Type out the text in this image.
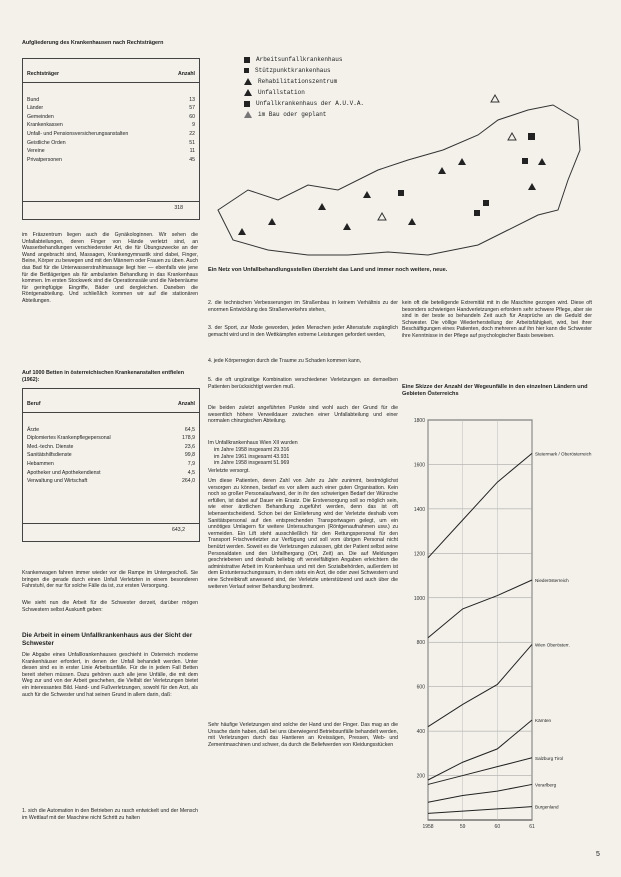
Aufgliederung des Krankenhausen nach Rechtsträgern
Rechtsträger	Anzahl
Bund	13
Länder	57
Gemeinden	60
Krankenkassen	9
Unfall- und Pensionsversicherungsanstalten	22
Geistliche Orden	51
Vereine	11
Privatpersonen	45
318
Arbeitsunfallkrankenhaus
Stützpunktkrankenhaus
Rehabilitationszentrum
Unfallstation
Unfallkrankenhaus der A.U.V.A.
im Bau oder geplant
Ein Netz von Unfallbehandlungsstellen überzieht das Land und immer noch weitere, neue.
im Fräszentrum liegen auch die Gynäkologinnen. Wir sehen die Unfallabteilungen, deren Finger von Hände verletzt sind, an Wasserbehandlungen verschiedenster Art, die für Übungszwecke an der Wand angebracht sind, Massagen, Krankengymnastik sind dabei, Finger, Beine, Körper zu bewegen und mit den Männern oder Frauen zu üben. Auch das Bad für die Unterwasserstrahlmassage liegt hier — ebenfalls wie jene für die Bettlägerigen als für ambulanten Behandlung in das Krankenhaus kommen. Im ersten Stockwerk sind die Operationssäle und die Nebenräume für geringfügige Eingriffe, Bäder und dergleichen. Daneben die Röntgenabteilung. Und schließlich kommen wir auf die stationären Abteilungen.
Auf 1000 Betten in österreichischen Krankenanstalten entfielen (1962):
Beruf	Anzahl
Ärzte	64,5
Diplomiertes Krankenpflegepersonal	178,9
Med.-techn. Dienste	23,6
Sanitätshilfsdienste	99,8
Hebammen	7,9
Apotheker und Apothekendienst	4,5
Verwaltung und Wirtschaft	264,0
643,2
Krankenwagen fahren immer wieder vor die Rampe im Untergeschoß. Sie bringen die gerade durch einen Unfall Verletzten in einem besonderen Fahrstuhl, der nur für solche Fälle da ist, zur ersten Versorgung.
Wie sieht nun die Arbeit für die Schwester derzeit, darüber mögen Schwestern selbst Auskunft geben:
Die Arbeit in einem Unfallkrankenhaus aus der Sicht der Schwester
Die Abgabe eines Unfallkrankenhauses geschieht in Österreich moderne Krankenhäuser erfordert, in denen der Unfall behandelt werden. Unter diesen sind es in erster Linie Arbeitsunfälle. Für die in jedem Fall Betten bereit stehen müssen. Dazu gehören auch alle jene Unfälle, die mit dem Weg zur und von der Arbeit geschehen, die Vielfalt der Verletzungen bietet ein interessantes Bild. Hand- und Fußverletzungen, sowohl für den Arzt, als auch für die Schwester und hat seinen Grund in allem darin, daß:
1. sich die Automation in den Betrieben zu rasch entwickelt und der Mensch im Wettlauf mit der Maschine nicht Schritt zu halten
2. die technischen Verbesserungen im Straßenbau in keinem Verhältnis zu der enormen Entwicklung des Straßenverkehrs stehen,
3. der Sport, zur Mode geworden, jeden Menschen jeder Altersstufe zugänglich gemacht wird und in den Wettkämpfen extreme Leistungen gefordert werden,
4. jede Körperregion durch die Traume zu Schaden kommen kann,
5. die oft ungünstige Kombination verschiedener Verletzungen an demselben Patienten berücksichtigt werden muß.
Die beiden zuletzt angeführten Punkte sind wohl auch der Grund für die wesentlich höhere Verweildauer zwischen einer Unfallabteilung und einer normalen chirurgischen Abteilung.
Im Unfallkrankenhaus Wien XII wurden
im Jahre 1958 insgesamt 29.316
im Jahre 1961 insgesamt 43.931
im Jahre 1958 insgesamt 51.969
Verletzte versorgt.
Um diese Patienten, deren Zahl von Jahr zu Jahr zunimmt, bestmöglichst versorgen zu können, bedarf es vor allem auch einer guten Organisation. Kein noch so großer Personalaufwand, der in ihr den schwierigen Bedarf der Wünsche erfüllen, ist dabei auf Dauer ein Ersatz. Die Erstversorgung soll so möglich sein, wie einer ärztlichen Behandlung zugeführt werden, denn das ist oft lebensentscheidend. Schon bei der Einlieferung wird der Verletzte deshalb vom Sanitätspersonal auf den entsprechenden Transportwagen gelegt, um ein unnötiges Umlagern für weitere Untersuchungen (Röntgenaufnahmen usw.) zu vermeiden. Ein Lift steht ausschließlich für den Rettungspersonal für den Transport Frischverletzter zur Verfügung und soll vom übrigen Personal nicht benützt werden. Soweit es die Verletzungen zulassen, gibt der Patient selbst seine Personaldaten und den Unfallhergang (Ort, Zeit) an. Die auf Meldungen geschriebenen und deshalb beliebig oft vervielfältigten Angaben erleichtern die administrative Arbeit im Krankenhaus und mit den Sozialbehörden, außerdem ist dem Erstuntersuchungsraum, in dem stets ein Arzt, die oder zwei Schwestern und eine Schreibkraft anwesend sind, der Verletzte unterstützend und auch über die weiteren Verlauf seiner Behandlung bestimmt.
Sehr häufige Verletzungen sind solche der Hand und der Finger. Das mag an die Ursache darin haben, daß bei uns überwiegend Betriebsunfälle behandelt werden, mit Verletzungen durch das Hantieren an Kreissägen, Pressen, Web- und Zementmaschinen und schwer, da durch die Beliefwerden von Kleidungsstücken
kein oft die beteiligende Extremität mit in die Maschine gezogen wird. Diese oft besonders schwierigen Handverletzungen erfordern sehr schwere Pflege, aber sie sind in der beste so behandeln Zeit auch für Ansprüche an die Geduld der Schwester. Die völlige Wiederherstellung der Arbeitsfähigkeit, wird, bei ihrer Beschäftigungen eines Patienten, doch mehreren auf ihn hier kann die Schwester ihre Kenntnisse in der Pflege auf psychologischer Basis beweisen.
Eine Skizze der Anzahl der Wegeunfälle in den einzelnen Ländern und Gebieten Österreichs
200
400
600
800
1000
1200
1400
1600
1800
1958	59	60	61
Steiermark / Oberösterreich
Niederösterreich
Wien Oberösterr.
Kärnten
Salzburg Tirol
Vorarlberg
Burgenland
5
